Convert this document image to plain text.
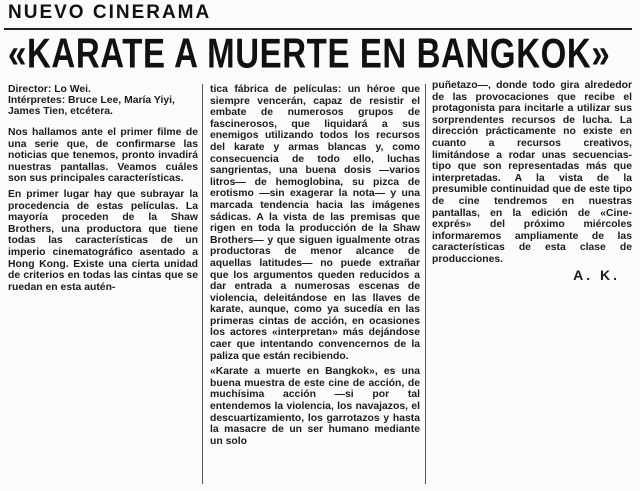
NUEVO CINERAMA
«KARATE A MUERTE EN BANGKOK»
Director: Lo Wei.
Intérpretes: Bruce Lee, María Yiyi,
James Tien, etcétera.

Nos hallamos ante el primer filme de una serie que, de confirmarse las noticias que tenemos, pronto invadirá nuestras pantallas. Veamos cuáles son sus principales características.

En primer lugar hay que subrayar la procedencia de estas películas. La mayoría proceden de la Shaw Brothers, una productora que tiene todas las características de un imperio cinematográfico asentado a Hong Kong. Existe una cierta unidad de criterios en todas las cintas que se ruedan en esta autén-

tica fábrica de películas: un héroe que siempre vencerán, capaz de resistir el embate de numerosos grupos de fascinerosos, que liquidará a sus enemigos utilizando todos los recursos del karate y armas blancas y, como consecuencia de todo ello, luchas sangrientas, una buena dosis —varios litros— de hemoglobina, su pizca de erotismo —sin exagerar la nota— y una marcada tendencia hacia las imágenes sádicas. A la vista de las premisas que rigen en toda la producción de la Shaw Brothers— y que siguen igualmente otras productoras de menor alcance de aquellas latitudes— no puede extrañar que los argumentos queden reducidos a dar entrada a numerosas escenas de violencia, deleitándose en las llaves de karate, aunque, como ya sucedía en las primeras cintas de acción, en ocasiones los actores «interpretan» más dejándose caer que intentando convencernos de la paliza que están recibiendo.

«Karate a muerte en Bangkok», es una buena muestra de este cine de acción, de muchísima acción —si por tal entendemos la violencia, los navajazos, el descuartizamiento, los garrotazos y hasta la masacre de un ser humano mediante un solo

puñetazo—, donde todo gira alrededor de las provocaciones que recibe el protagonista para incitarle a utilizar sus sorprendentes recursos de lucha. La dirección prácticamente no existe en cuanto a recursos creativos, limitándose a rodar unas secuencias-tipo que son representadas más que interpretadas. A la vista de la presumible continuidad que de este tipo de cine tendremos en nuestras pantallas, en la edición de «Cine-exprés» del próximo miércoles informaremos ampliamente de las características de esta clase de producciones.

A. K.
